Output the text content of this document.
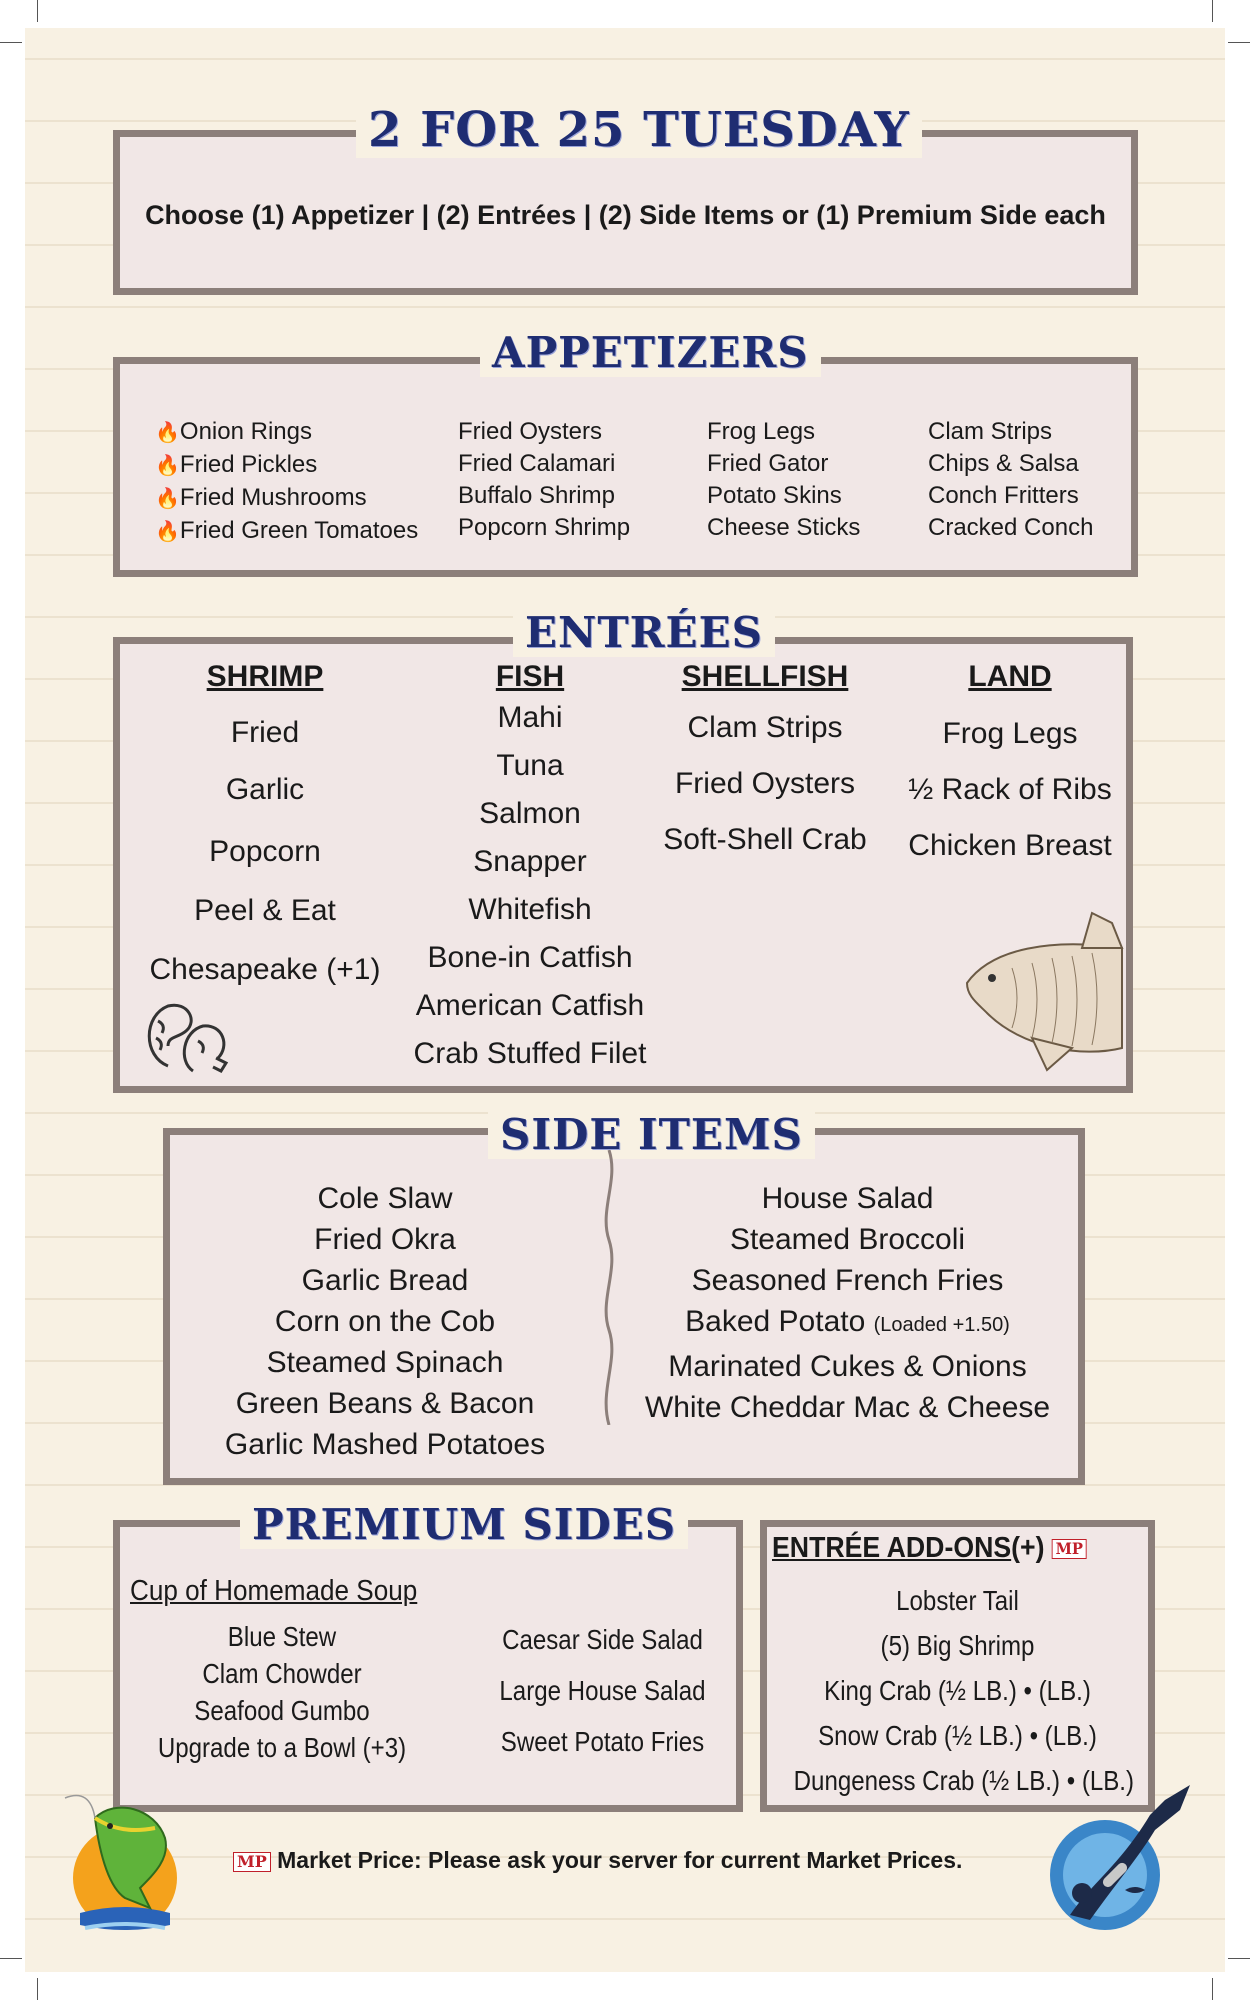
2 FOR 25 TUESDAY
Choose (1) Appetizer | (2) Entrées | (2) Side Items or (1) Premium Side each
APPETIZERS
🔥Onion Rings
🔥Fried Pickles
🔥Fried Mushrooms
🔥Fried Green Tomatoes
Fried Oysters
Fried Calamari
Buffalo Shrimp
Popcorn Shrimp
Frog Legs
Fried Gator
Potato Skins
Cheese Sticks
Clam Strips
Chips & Salsa
Conch Fritters
Cracked Conch
ENTRÉES
SHRIMP
Fried
Garlic
Popcorn
Peel & Eat
Chesapeake (+1)
FISH
Mahi
Tuna
Salmon
Snapper
Whitefish
Bone-in Catfish
American Catfish
Crab Stuffed Filet
SHELLFISH
Clam Strips
Fried Oysters
Soft-Shell Crab
LAND
Frog Legs
½ Rack of Ribs
Chicken Breast
SIDE ITEMS
Cole Slaw
Fried Okra
Garlic Bread
Corn on the Cob
Steamed Spinach
Green Beans & Bacon
Garlic Mashed Potatoes
House Salad
Steamed Broccoli
Seasoned French Fries
Baked Potato (Loaded +1.50)
Marinated Cukes & Onions
White Cheddar Mac & Cheese
PREMIUM SIDES
Cup of Homemade Soup
Blue Stew
Clam Chowder
Seafood Gumbo
Upgrade to a Bowl (+3)
Caesar Side Salad
Large House Salad
Sweet Potato Fries
ENTRÉE ADD-ONS(+) MP
Lobster Tail
(5) Big Shrimp
King Crab (½ LB.) • (LB.)
Snow Crab (½ LB.) • (LB.)
Dungeness Crab (½ LB.) • (LB.)
MP Market Price: Please ask your server for current Market Prices.
